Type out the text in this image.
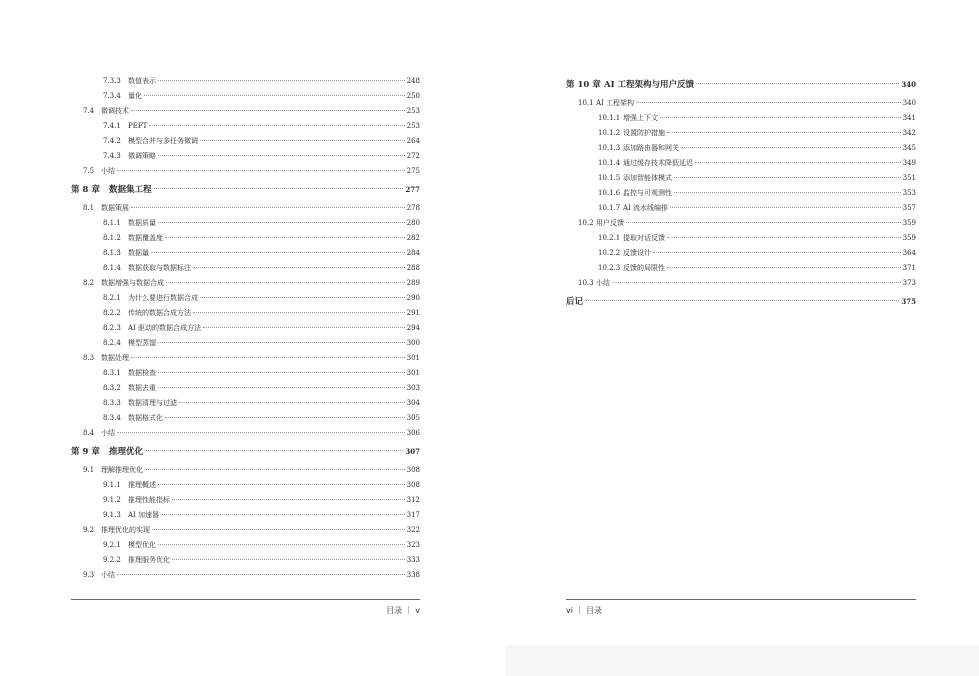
7.3.3	数值表示	248
7.3.4	量化	250
7.4 微调技术	253
7.4.1	PEFT	253
7.4.2	模型合并与多任务微调	264
7.4.3	微调策略	272
7.5 小结	275
第 8 章	数据集工程	277
8.1 数据策展	278
8.1.1	数据质量	280
8.1.2	数据覆盖度	282
8.1.3	数据量	284
8.1.4	数据获取与数据标注	288
8.2 数据增强与数据合成	289
8.2.1	为什么要进行数据合成	290
8.2.2	传统的数据合成方法	291
8.2.3	AI 驱动的数据合成方法	294
8.2.4	模型蒸馏	300
8.3 数据处理	301
8.3.1	数据检查	301
8.3.2	数据去重	303
8.3.3	数据清理与过滤	304
8.3.4	数据格式化	305
8.4 小结	306
第 9 章	推理优化	307
9.1 理解推理优化	308
9.1.1	推理概述	308
9.1.2	推理性能指标	312
9.1.3	AI 加速器	317
9.2 推理优化的实现	322
9.2.1	模型优化	323
9.2.2	推理服务优化	333
9.3 小结	338
目录 ｜ v
第 10 章 AI 工程架构与用户反馈	340
10.1 AI 工程架构	340
10.1.1 增强上下文	341
10.1.2 设置防护措施	342
10.1.3 添加路由器和网关	345
10.1.4 通过缓存技术降低延迟	349
10.1.5 添加智能体模式	351
10.1.6 监控与可观测性	353
10.1.7 AI 流水线编排	357
10.2 用户反馈	359
10.2.1 提取对话反馈	359
10.2.2 反馈设计	364
10.2.3 反馈的局限性	371
10.3 小结	373
后记	375
vi ｜ 目录
